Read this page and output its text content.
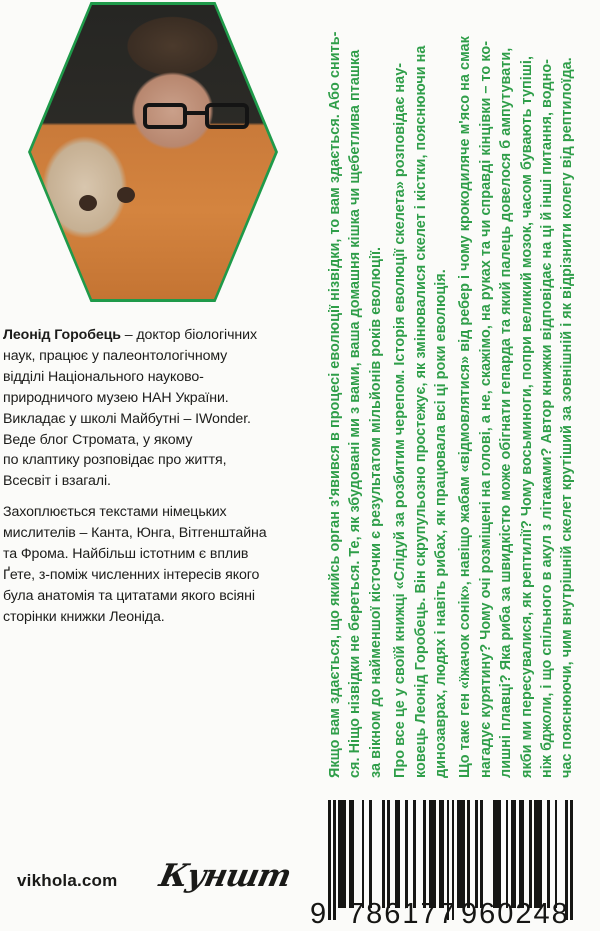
Леонід Горобець – доктор біологічних
наук, працює у палеонтологічному
відділі Національного науково-
природничого музею НАН України.
Викладає у школі Майбутні – IWonder.
Веде блог Стромата, у якому
по клаптику розповідає про життя,
Всесвіт і взагалі.

Захоплюється текстами німецьких
мислителів – Канта, Юнга, Вітгенштайна
та Фрома. Найбільш істотним є вплив
Ґете, з-поміж численних інтересів якого
була анатомія та цитатами якого всіяні
сторінки книжки Леоніда.	Якщо вам здається, що якийсь орган з'явився в процесі еволюції нізвідки, то вам здається. Або снить- ся. Ніщо нізвідки не береться. Те, як збудовані ми з вами, ваша домашня кішка чи щебетлива пташка за вікном до найменшої кісточки є результатом мільйонів років еволюції. Про все це у своїй книжці «Слідуй за розбитим черепом. Історія еволюції скелета» розповідає нау- ковець Леонід Горобець. Він скрупульозно простежує, як змінювалися скелет і кістки, пояснюючи на динозаврах, людях і навіть рибах, як працювала всі ці роки еволюція. Що таке ген «їжачок сонік», навіщо жабам «відмовлятися» від ребер і чому крокодиляче м'ясо на смак нагадує курятину? Чому очі розміщені на голові, а не, скажімо, на руках та чи справді кінцівки – то ко- лишні плавці? Яка риба за швидкістю може обігнати гепарда та який палець довелося б ампутувати, якби ми пересувалися, як рептилії? Чому восьминоги, попри великий мозок, часом бувають тупіші, ніж бджоли, і що спільного в акул з літаками? Автор книжки відповідає на ці й інші питання, водно- час пояснюючи, чим внутрішній скелет крутіший за зовнішній і як відрізнити колегу від рептилоїда.

vikhola.com Куншт
9 786177 960248
